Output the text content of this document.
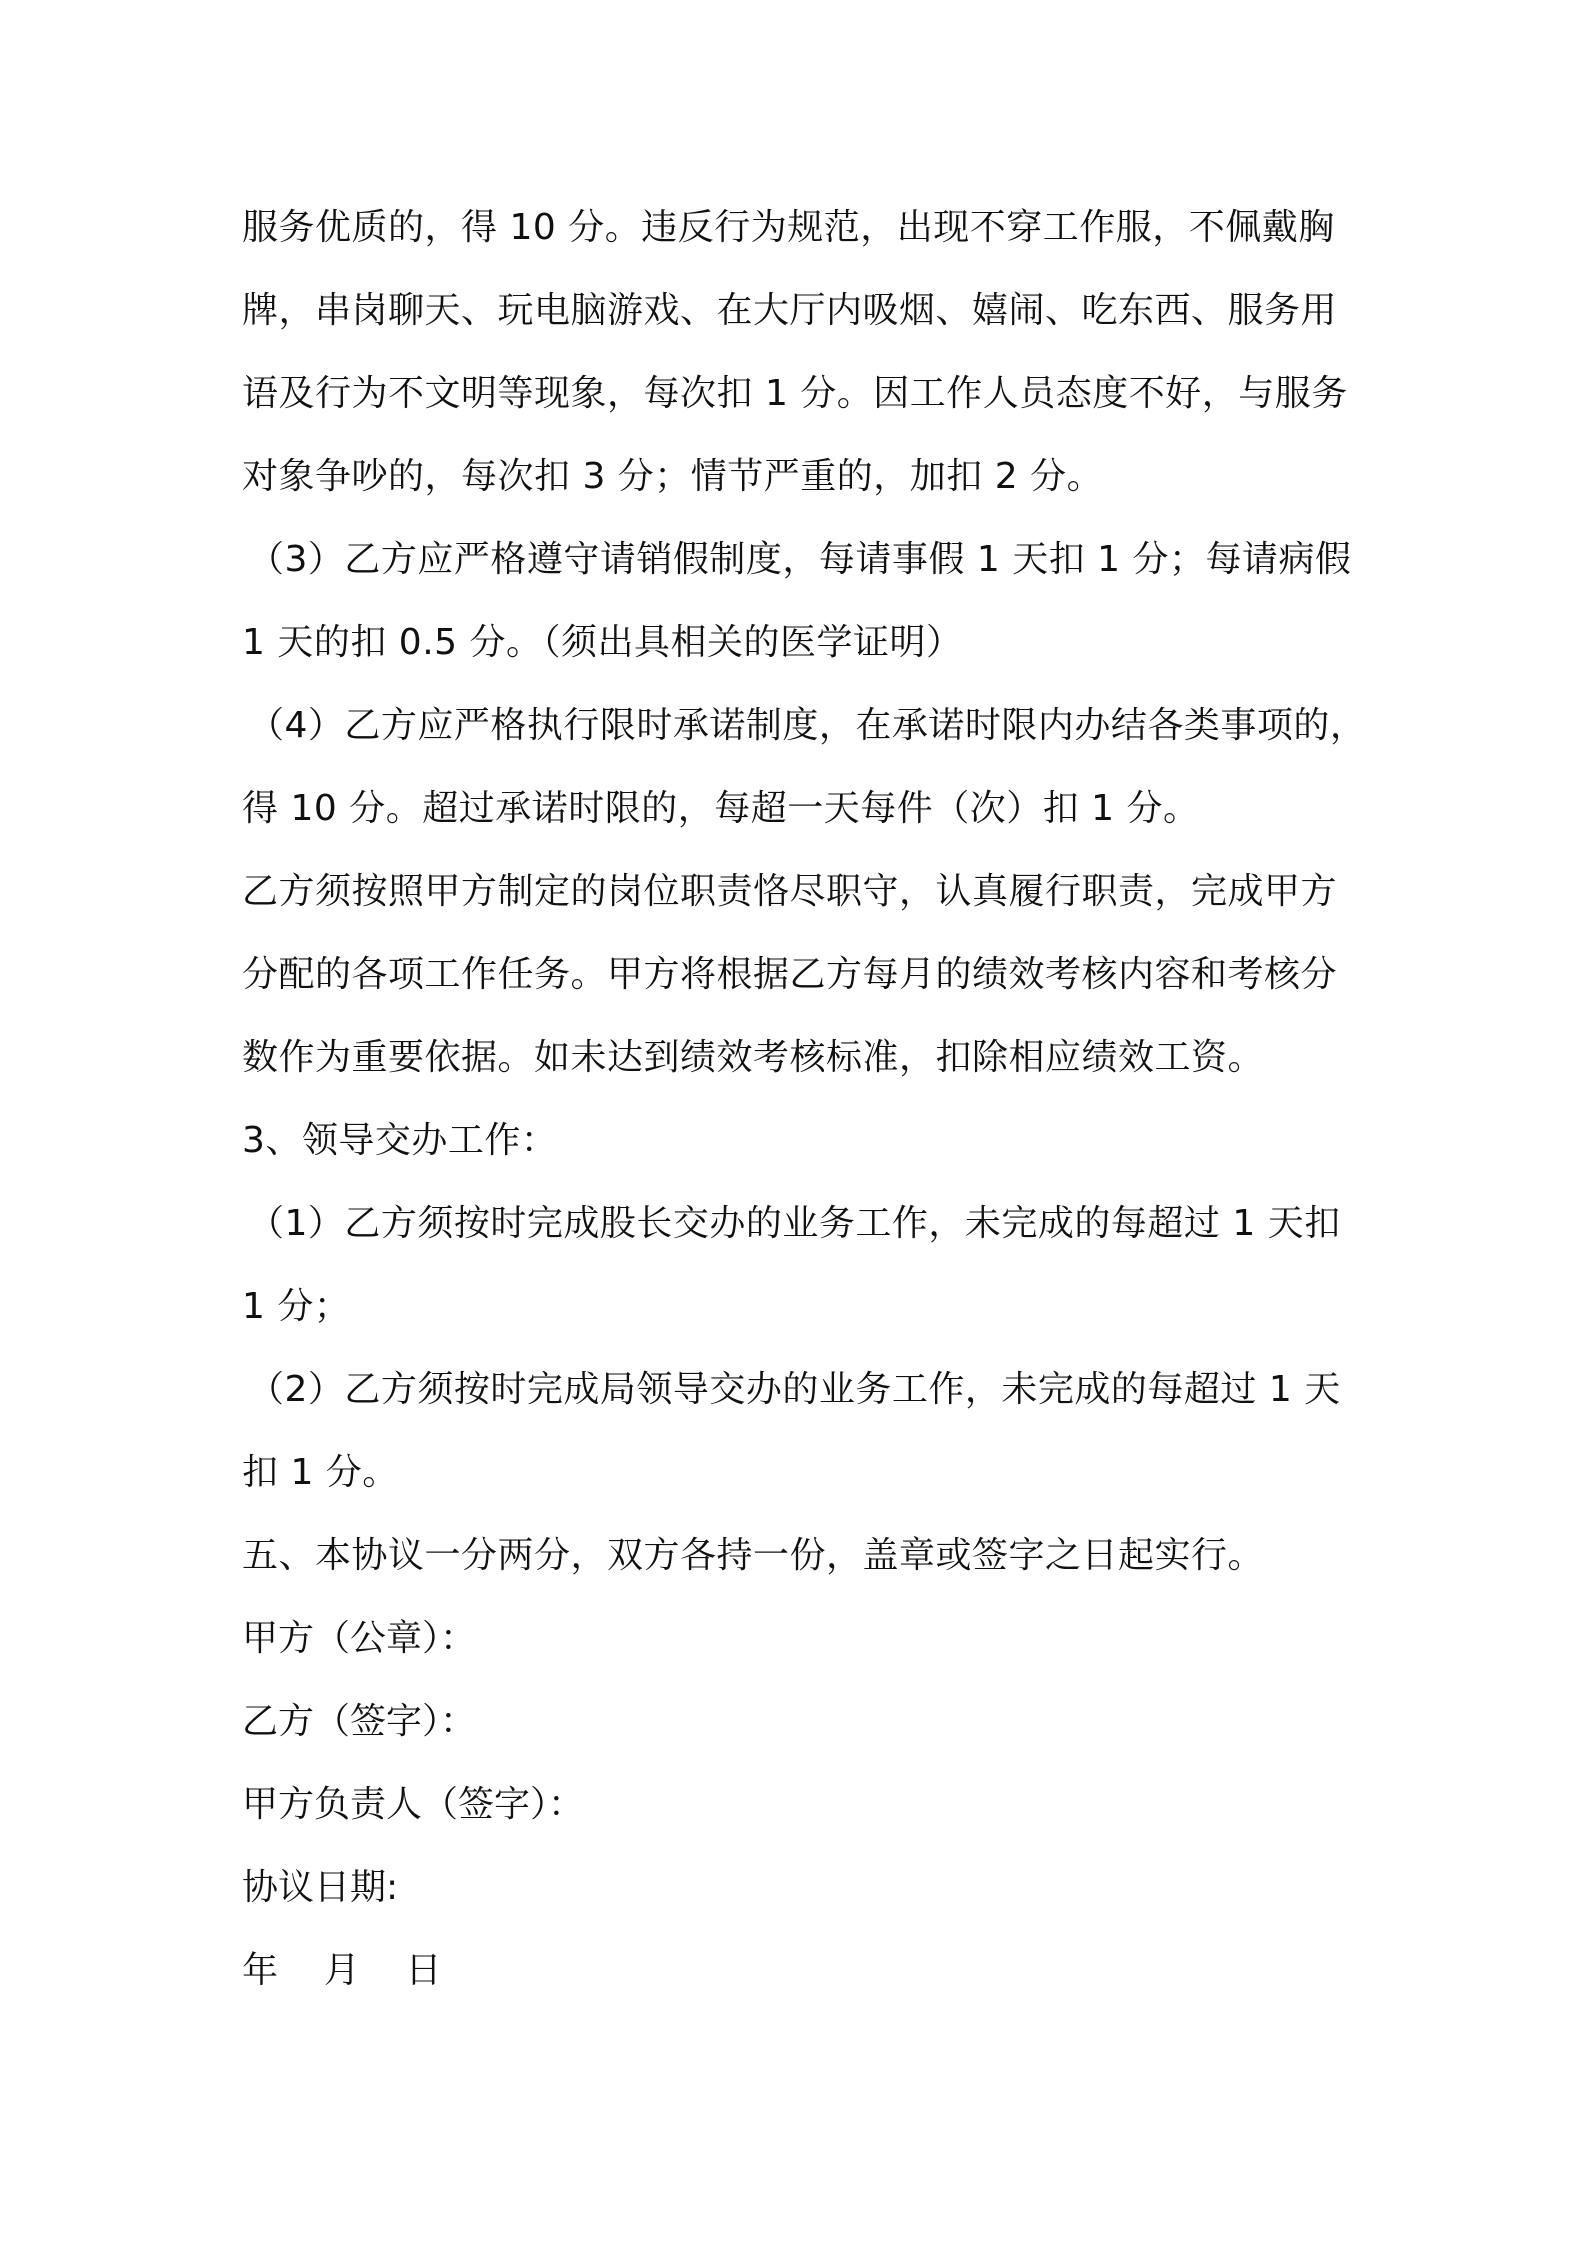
服务优质的，得 10 分。违反行为规范，出现不穿工作服，不佩戴胸
牌，串岗聊天、玩电脑游戏、在大厅内吸烟、嬉闹、吃东西、服务用
语及行为不文明等现象，每次扣 1 分。因工作人员态度不好，与服务
对象争吵的，每次扣 3 分；情节严重的，加扣 2 分。
（3）乙方应严格遵守请销假制度，每请事假 1 天扣 1 分；每请病假
1 天的扣 0.5 分。（须出具相关的医学证明）
（4）乙方应严格执行限时承诺制度，在承诺时限内办结各类事项的，
得 10 分。超过承诺时限的，每超一天每件（次）扣 1 分。
乙方须按照甲方制定的岗位职责恪尽职守，认真履行职责，完成甲方
分配的各项工作任务。甲方将根据乙方每月的绩效考核内容和考核分
数作为重要依据。如未达到绩效考核标准，扣除相应绩效工资。
3、领导交办工作：
（1）乙方须按时完成股长交办的业务工作，未完成的每超过 1 天扣
1 分；
（2）乙方须按时完成局领导交办的业务工作，未完成的每超过 1 天
扣 1 分。
五、本协议一分两分，双方各持一份，盖章或签字之日起实行。
甲方（公章）：
乙方（签字）：
甲方负责人（签字）：
协议日期:
年    月    日
